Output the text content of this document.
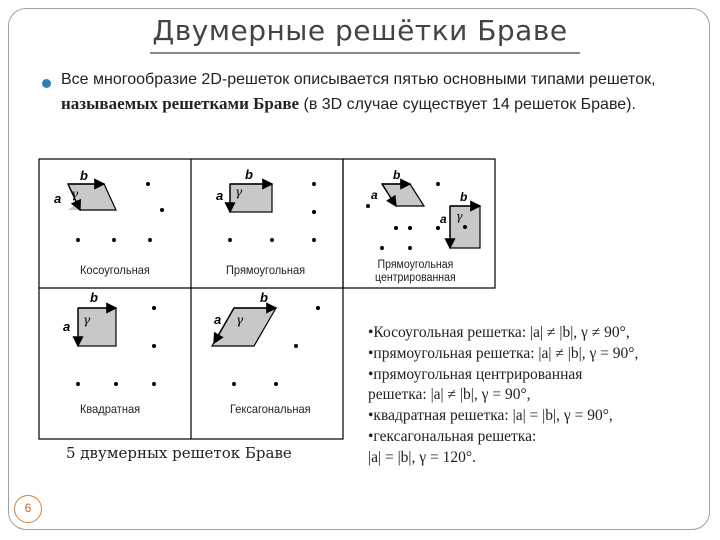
Двумерные решётки Браве
Все многообразие 2D-решеток описывается пятью основными типами решеток, называемых решетками Браве (в 3D случае существует 14 решеток Браве).
b
a γ
b
a γ
b
a	b
a γ
b
a γ
b
a γ
Косоугольная	Прямоугольная	Прямоугольная
центрированная
Квадратная	Гексагональная
5 двумерных решеток Браве
•Косоугольная решетка: |a| ≠ |b|, γ ≠ 90°,
•прямоугольная решетка: |a| ≠ |b|, γ = 90°,
•прямоугольная центрированная
решетка: |a| ≠ |b|, γ = 90°,
•квадратная решетка: |a| = |b|, γ = 90°,
•гексагональная решетка:
|a| = |b|, γ = 120°.
6
